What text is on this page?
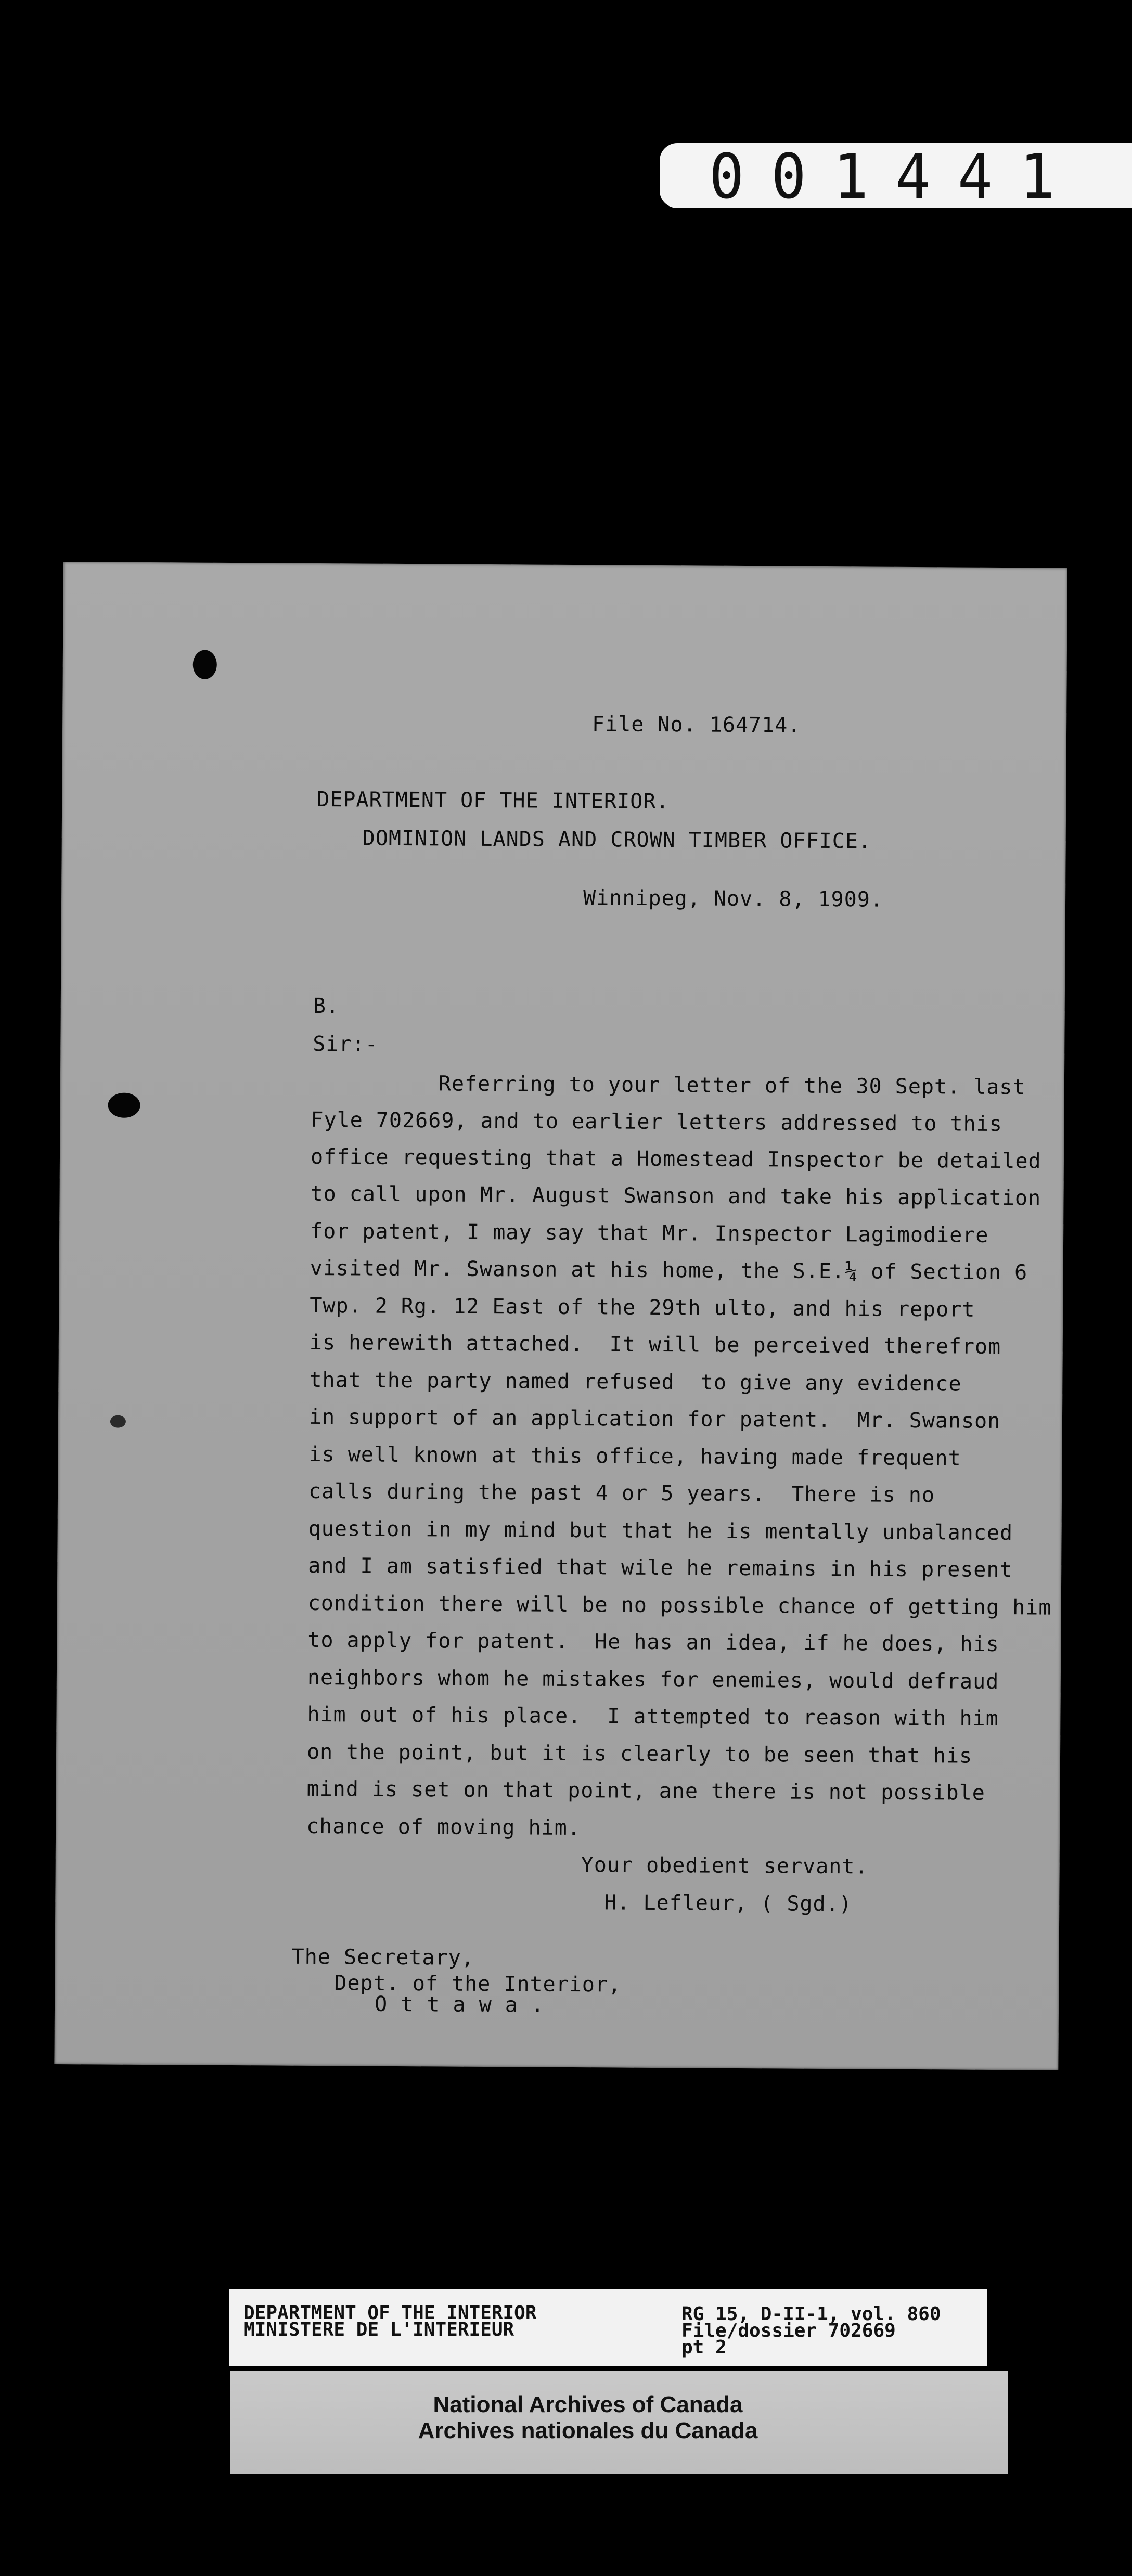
001441
File No. 164714.
DEPARTMENT OF THE INTERIOR.
DOMINION LANDS AND CROWN TIMBER OFFICE.
Winnipeg, Nov. 8, 1909.
B.
Sir:-
Referring to your letter of the 30 Sept. last
Fyle 702669, and to earlier letters addressed to this
office requesting that a Homestead Inspector be detailed
to call upon Mr. August Swanson and take his application
for patent, I may say that Mr. Inspector Lagimodiere
visited Mr. Swanson at his home, the S.E.¼ of Section 6
Twp. 2 Rg. 12 East of the 29th ulto, and his report
is herewith attached.  It will be perceived therefrom
that the party named refused  to give any evidence
in support of an application for patent.  Mr. Swanson
is well known at this office, having made frequent
calls during the past 4 or 5 years.  There is no
question in my mind but that he is mentally unbalanced
and I am satisfied that wile he remains in his present
condition there will be no possible chance of getting him
to apply for patent.  He has an idea, if he does, his
neighbors whom he mistakes for enemies, would defraud
him out of his place.  I attempted to reason with him
on the point, but it is clearly to be seen that his
mind is set on that point, ane there is not possible
chance of moving him.
Your obedient servant.
H. Lefleur, ( Sgd.)
The Secretary,
Dept. of the Interior,
O t t a w a .
DEPARTMENT OF THE INTERIOR
MINISTERE DE L'INTERIEUR
RG 15, D-II-1, vol. 860
File/dossier 702669
pt 2
National Archives of Canada
Archives nationales du Canada
